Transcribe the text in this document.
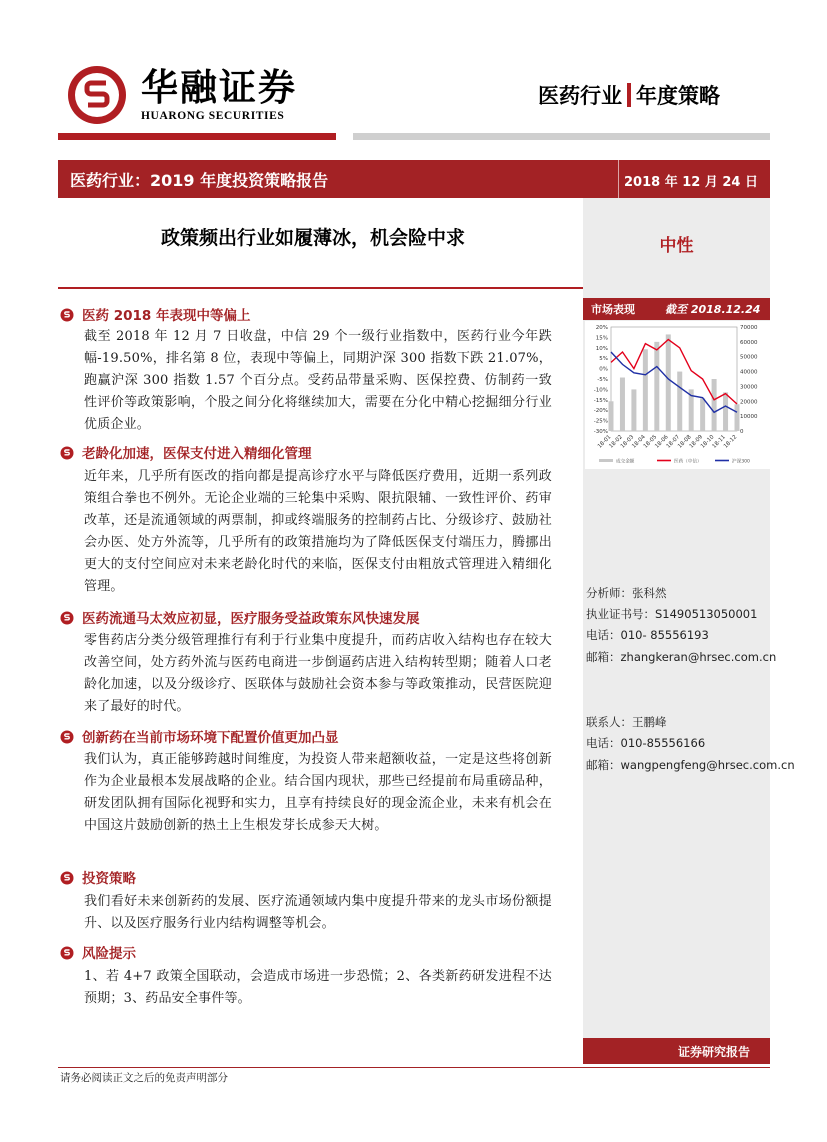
华融证券
HUARONG SECURITIES
医药行业 年度策略
医药行业：2019 年度投资策略报告	2018 年 12 月 24 日
政策频出行业如履薄冰，机会险中求	中性
市场表现	截至 2018.12.24
20%
15%
10%
5%
0%
-5%
-10%
-15%
-20%
-25%
-30%
70000
60000
50000
40000
30000
20000
10000
0
18-01
18-02
18-03
18-04
18-05
18-06
18-07
18-08
18-09
18-10
18-11
18-12
成交金额	医药（中信）	沪深300
医药 2018 年表现中等偏上
截至 2018 年 12 月 7 日收盘，中信 29 个一级行业指数中，医药行业今年跌幅-19.50%，排名第 8 位，表现中等偏上，同期沪深 300 指数下跌 21.07%，跑赢沪深 300 指数 1.57 个百分点。受药品带量采购、医保控费、仿制药一致性评价等政策影响，个股之间分化将继续加大，需要在分化中精心挖掘细分行业优质企业。
老龄化加速，医保支付进入精细化管理
近年来，几乎所有医改的指向都是提高诊疗水平与降低医疗费用，近期一系列政策组合拳也不例外。无论企业端的三轮集中采购、限抗限辅、一致性评价、药审改革，还是流通领域的两票制，抑或终端服务的控制药占比、分级诊疗、鼓励社会办医、处方外流等，几乎所有的政策措施均为了降低医保支付端压力，腾挪出更大的支付空间应对未来老龄化时代的来临，医保支付由粗放式管理进入精细化管理。
医药流通马太效应初显，医疗服务受益政策东风快速发展
零售药店分类分级管理推行有利于行业集中度提升，而药店收入结构也存在较大改善空间，处方药外流与医药电商进一步倒逼药店进入结构转型期；随着人口老龄化加速，以及分级诊疗、医联体与鼓励社会资本参与等政策推动，民营医院迎来了最好的时代。
创新药在当前市场环境下配置价值更加凸显
我们认为，真正能够跨越时间维度，为投资人带来超额收益，一定是这些将创新作为企业最根本发展战略的企业。结合国内现状，那些已经提前布局重磅品种，研发团队拥有国际化视野和实力，且享有持续良好的现金流企业，未来有机会在中国这片鼓励创新的热土上生根发芽长成参天大树。
投资策略
我们看好未来创新药的发展、医疗流通领域内集中度提升带来的龙头市场份额提升、以及医疗服务行业内结构调整等机会。
风险提示
1、若 4+7 政策全国联动，会造成市场进一步恐慌；2、各类新药研发进程不达预期；3、药品安全事件等。
分析师：张科然
执业证书号：S1490513050001
电话：010- 85556193
邮箱：zhangkeran@hrsec.com.cn
联系人：王鹏峰
电话：010-85556166
邮箱：wangpengfeng@hrsec.com.cn
证券研究报告
请务必阅读正文之后的免责声明部分
